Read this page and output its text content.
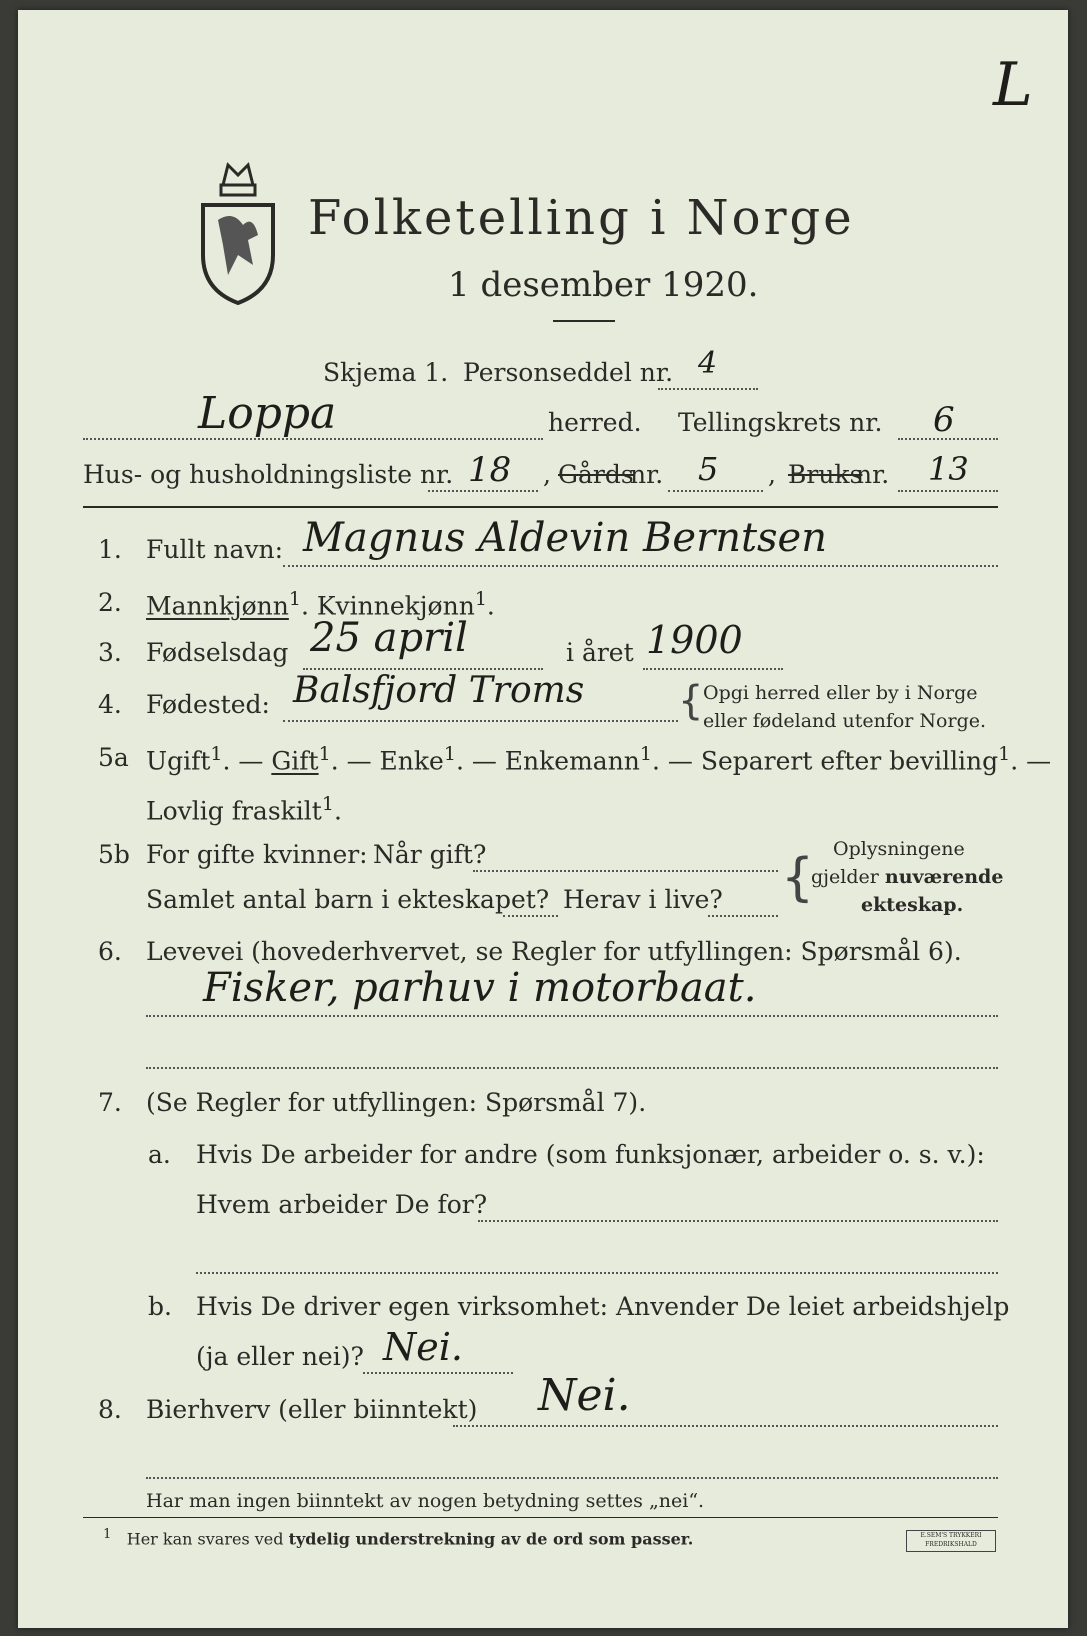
L
Folketelling i Norge
1 desember 1920.
Skjema 1. Personseddel nr. 4
Loppa	herred. Tellingskrets nr. 6
Hus- og husholdningsliste nr. 18 , Gårds
nr. 5 , Bruks
nr. 13
1. Fullt navn: Magnus Aldevin Berntsen
2. Mannkjønn$^1$. Kvinnekjønn$^1$.
3. Fødselsdag 25 april	i året 1900
4. Fødested: Balsfjord Troms { Opgi herred eller by i Norge
eller fødeland utenfor Norge.
5a Ugift$^1$. — Gift$^1$. — Enke$^1$. — Enkemann$^1$. — Separert efter bevilling$^1$. —
Lovlig fraskilt$^1$.
5b For gifte kvinner: Når gift?
Samlet antal barn i ekteskapet? Herav i live? { Oplysningene
gjelder nuværende
ekteskap.
6. Levevei (hovederhvervet, se Regler for utfyllingen: Spørsmål 6).
Fisker, parhuv i motorbaat.
7. (Se Regler for utfyllingen: Spørsmål 7).
a. Hvis De arbeider for andre (som funksjonær, arbeider o. s. v.):
Hvem arbeider De for?
b. Hvis De driver egen virksomhet: Anvender De leiet arbeidshjelp
(ja eller nei)? Nei.
8. Bierhverv (eller biinntekt) Nei.
Har man ingen biinntekt av nogen betydning settes „nei“.
$^1$ Her kan svares ved tydelig understrekning av de ord som passer.	E.SEM'S TRYKKERI FREDRIKSHALD
